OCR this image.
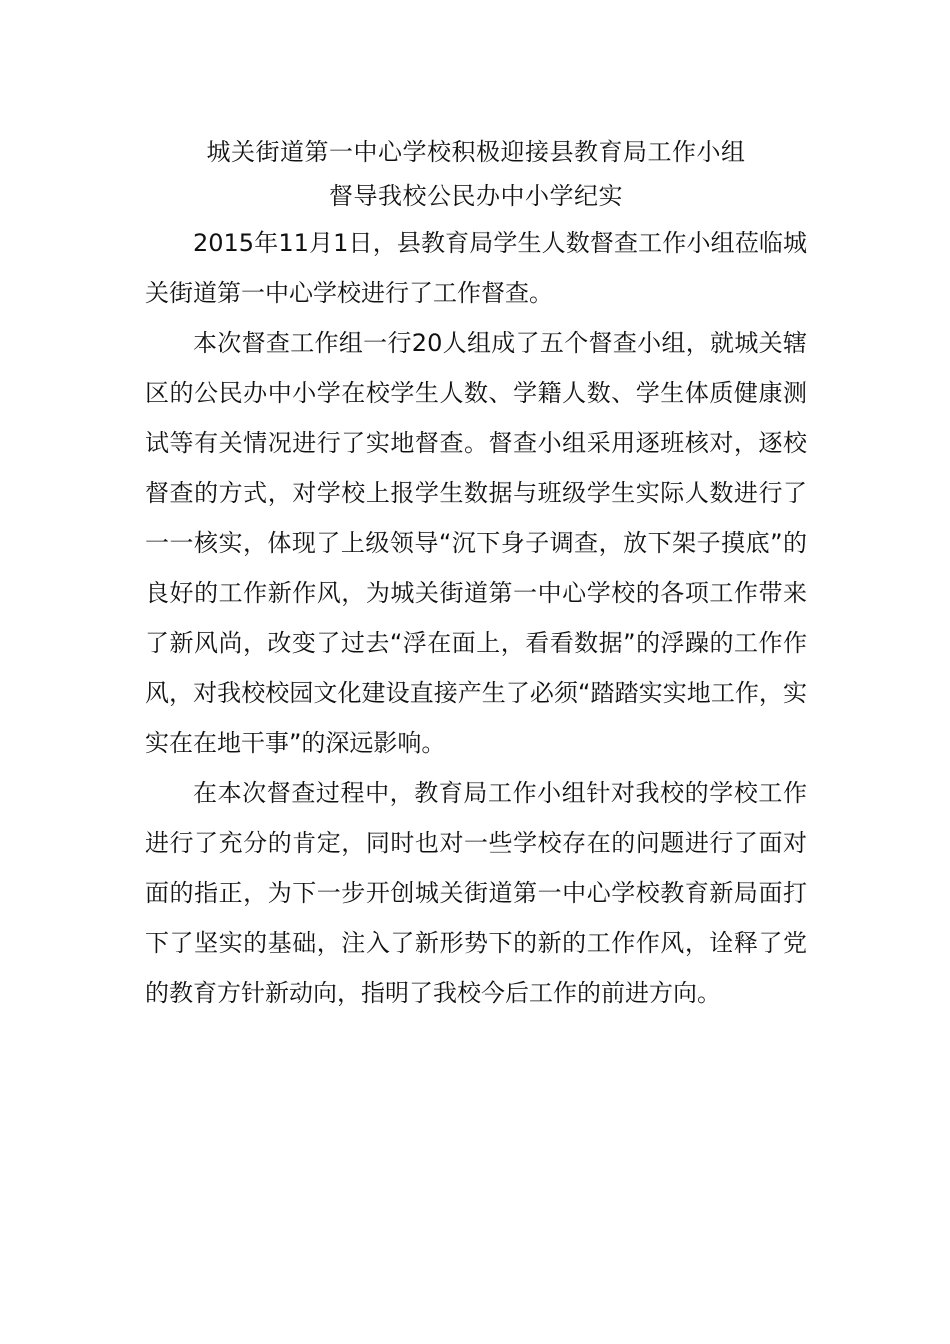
城关街道第一中心学校积极迎接县教育局工作小组
督导我校公民办中小学纪实

2015年11月1日，县教育局学生人数督查工作小组莅临城关街道第一中心学校进行了工作督查。

本次督查工作组一行20人组成了五个督查小组，就城关辖区的公民办中小学在校学生人数、学籍人数、学生体质健康测试等有关情况进行了实地督查。督查小组采用逐班核对，逐校督查的方式，对学校上报学生数据与班级学生实际人数进行了一一核实，体现了上级领导“沉下身子调查，放下架子摸底”的良好的工作新作风，为城关街道第一中心学校的各项工作带来了新风尚，改变了过去“浮在面上，看看数据”的浮躁的工作作风，对我校校园文化建设直接产生了必须“踏踏实实地工作，实实在在地干事”的深远影响。

在本次督查过程中，教育局工作小组针对我校的学校工作进行了充分的肯定，同时也对一些学校存在的问题进行了面对面的指正，为下一步开创城关街道第一中心学校教育新局面打下了坚实的基础，注入了新形势下的新的工作作风，诠释了党的教育方针新动向，指明了我校今后工作的前进方向。
